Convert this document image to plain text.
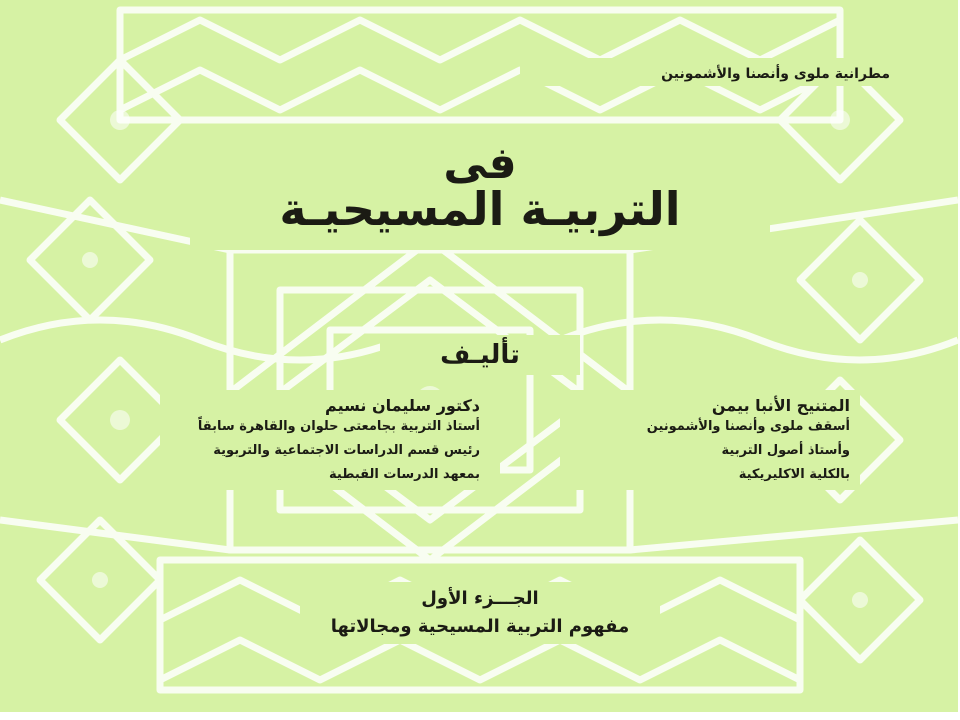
مطرانية ملوى وأنصنا والأشمونين
فى
التربيـة المسيحيـة
تأليـف
المتنيح الأنبا بيمن
أسقف ملوى وأنصنا والأشمونين
وأستاذ أصول التربية
بالكلية الاكليريكية
دكتور سليمان نسيم
أستاذ التربية بجامعتى حلوان والقاهرة سابقاً
رئيس قسم الدراسات الاجتماعية والتربوية
بمعهد الدرسات القبطية
الجـــزء الأول
مفهوم التربية المسيحية ومجالاتها
